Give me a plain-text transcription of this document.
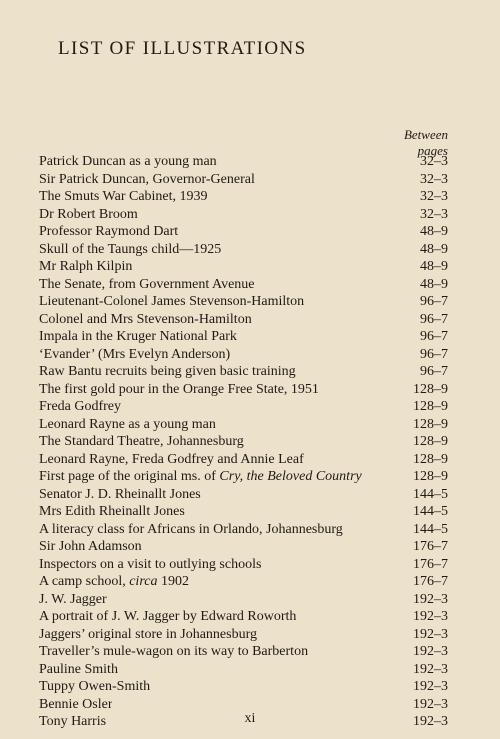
LIST OF ILLUSTRATIONS
Between
pages
Patrick Duncan as a young man	32–3
Sir Patrick Duncan, Governor-General	32–3
The Smuts War Cabinet, 1939	32–3
Dr Robert Broom	32–3
Professor Raymond Dart	48–9
Skull of the Taungs child—1925	48–9
Mr Ralph Kilpin	48–9
The Senate, from Government Avenue	48–9
Lieutenant-Colonel James Stevenson-Hamilton	96–7
Colonel and Mrs Stevenson-Hamilton	96–7
Impala in the Kruger National Park	96–7
‘Evander’ (Mrs Evelyn Anderson)	96–7
Raw Bantu recruits being given basic training	96–7
The first gold pour in the Orange Free State, 1951	128–9
Freda Godfrey	128–9
Leonard Rayne as a young man	128–9
The Standard Theatre, Johannesburg	128–9
Leonard Rayne, Freda Godfrey and Annie Leaf	128–9
First page of the original ms. of Cry, the Beloved Country	128–9
Senator J. D. Rheinallt Jones	144–5
Mrs Edith Rheinallt Jones	144–5
A literacy class for Africans in Orlando, Johannesburg	144–5
Sir John Adamson	176–7
Inspectors on a visit to outlying schools	176–7
A camp school, circa 1902	176–7
J. W. Jagger	192–3
A portrait of J. W. Jagger by Edward Roworth	192–3
Jaggers’ original store in Johannesburg	192–3
Traveller’s mule-wagon on its way to Barberton	192–3
Pauline Smith	192–3
Tuppy Owen-Smith	192–3
Bennie Osler	192–3
Tony Harris	192–3
xi
